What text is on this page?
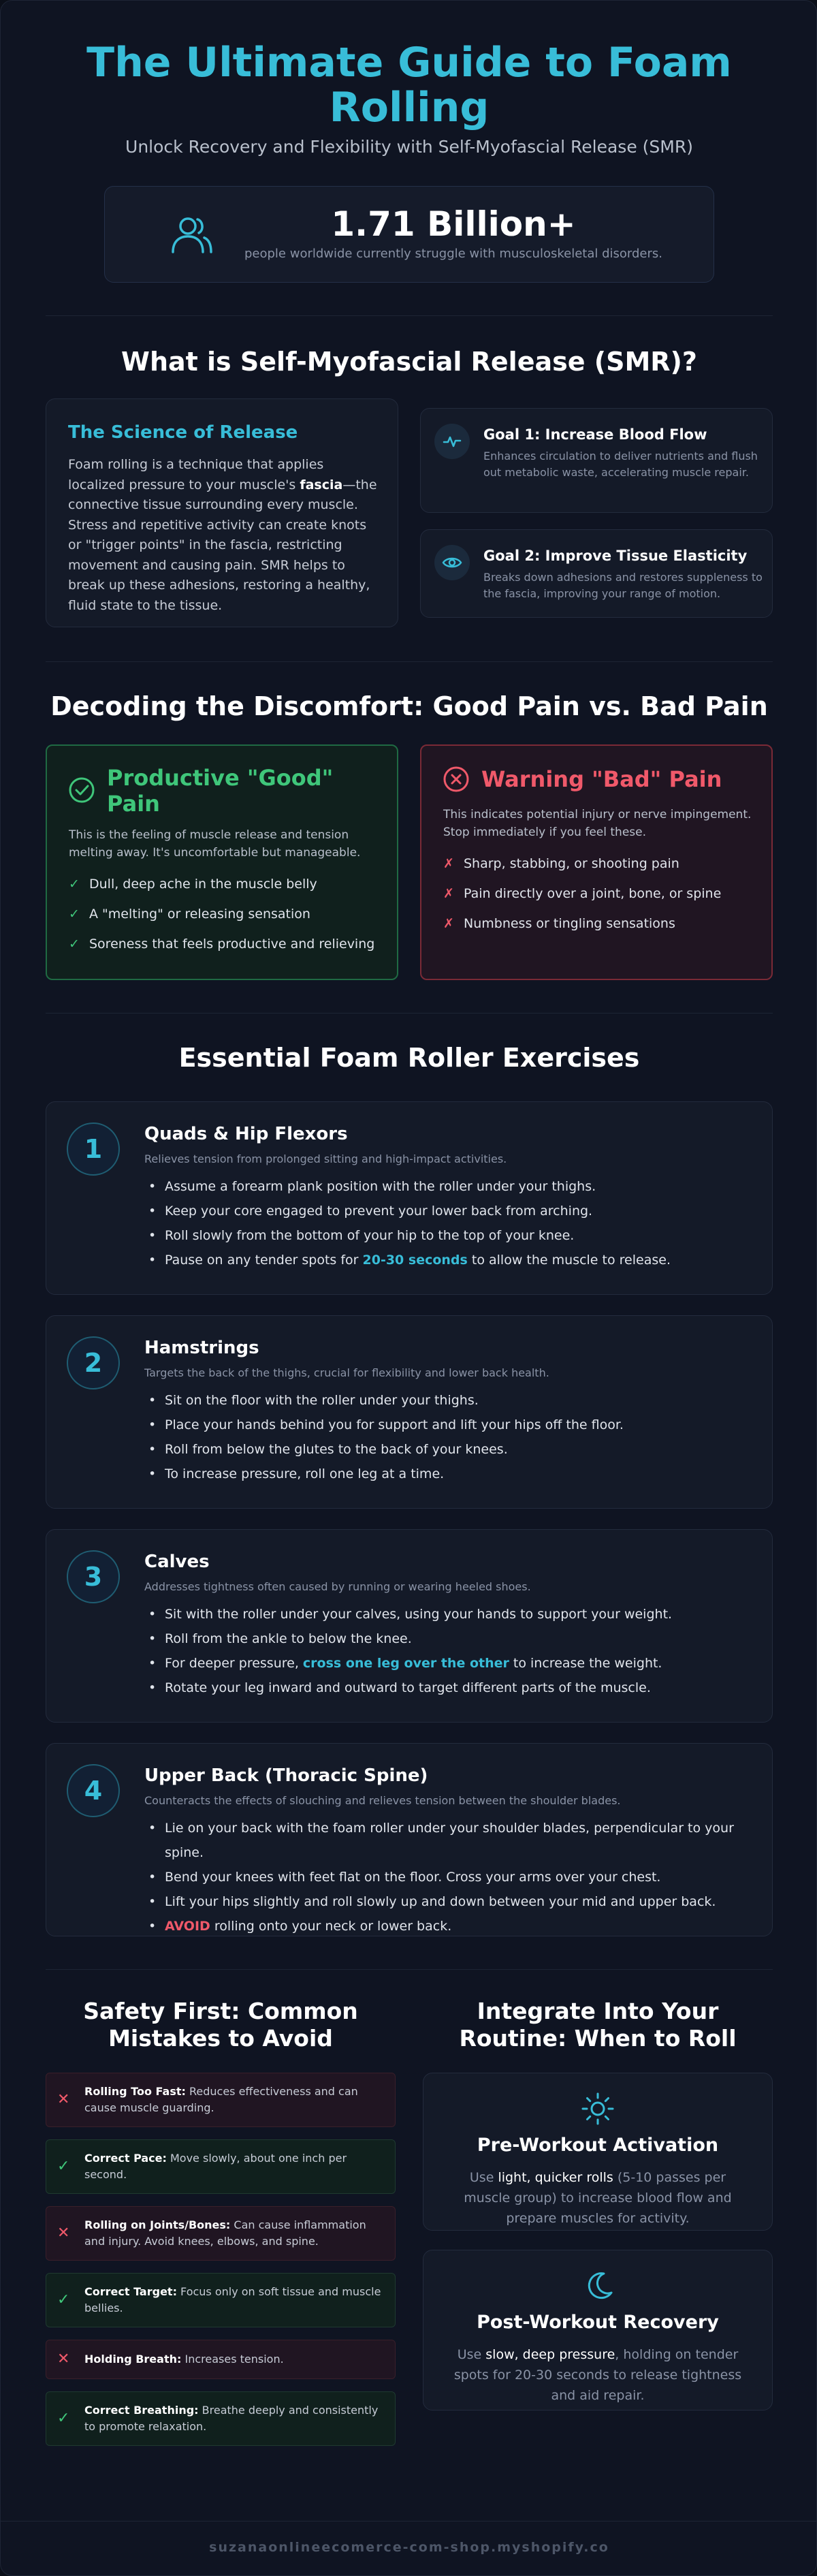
The Ultimate Guide to Foam Rolling
Unlock Recovery and Flexibility with Self-Myofascial Release (SMR)
1.71 Billion+
people worldwide currently struggle with musculoskeletal disorders.
What is Self-Myofascial Release (SMR)?
The Science of Release
Foam rolling is a technique that applies localized pressure to your muscle's fascia—the connective tissue surrounding every muscle. Stress and repetitive activity can create knots or "trigger points" in the fascia, restricting movement and causing pain. SMR helps to break up these adhesions, restoring a healthy, fluid state to the tissue.
Goal 1: Increase Blood Flow
Enhances circulation to deliver nutrients and flush out metabolic waste, accelerating muscle repair.
Goal 2: Improve Tissue Elasticity
Breaks down adhesions and restores suppleness to the fascia, improving your range of motion.
Decoding the Discomfort: Good Pain vs. Bad Pain
Productive "Good" Pain
This is the feeling of muscle release and tension melting away. It's uncomfortable but manageable.
✓ Dull, deep ache in the muscle belly
✓ A "melting" or releasing sensation
✓ Soreness that feels productive and relieving
Warning "Bad" Pain
This indicates potential injury or nerve impingement. Stop immediately if you feel these.
✗ Sharp, stabbing, or shooting pain
✗ Pain directly over a joint, bone, or spine
✗ Numbness or tingling sensations
Essential Foam Roller Exercises
1	Quads & Hip Flexors
Relieves tension from prolonged sitting and high-impact activities.
• Assume a forearm plank position with the roller under your thighs.
• Keep your core engaged to prevent your lower back from arching.
• Roll slowly from the bottom of your hip to the top of your knee.
• Pause on any tender spots for 20-30 seconds to allow the muscle to release.
2	Hamstrings
Targets the back of the thighs, crucial for flexibility and lower back health.
• Sit on the floor with the roller under your thighs.
• Place your hands behind you for support and lift your hips off the floor.
• Roll from below the glutes to the back of your knees.
• To increase pressure, roll one leg at a time.
3	Calves
Addresses tightness often caused by running or wearing heeled shoes.
• Sit with the roller under your calves, using your hands to support your weight.
• Roll from the ankle to below the knee.
• For deeper pressure, cross one leg over the other to increase the weight.
• Rotate your leg inward and outward to target different parts of the muscle.
4	Upper Back (Thoracic Spine)
Counteracts the effects of slouching and relieves tension between the shoulder blades.
• Lie on your back with the foam roller under your shoulder blades, perpendicular to your spine.
• Bend your knees with feet flat on the floor. Cross your arms over your chest.
• Lift your hips slightly and roll slowly up and down between your mid and upper back.
• AVOID rolling onto your neck or lower back.
Safety First: Common Mistakes to Avoid
✕ Rolling Too Fast: Reduces effectiveness and can cause muscle guarding.
✓ Correct Pace: Move slowly, about one inch per second.
✕ Rolling on Joints/Bones: Can cause inflammation and injury. Avoid knees, elbows, and spine.
✓ Correct Target: Focus only on soft tissue and muscle bellies.
✕ Holding Breath: Increases tension.
✓ Correct Breathing: Breathe deeply and consistently to promote relaxation.
Integrate Into Your Routine: When to Roll
Pre-Workout Activation
Use light, quicker rolls (5-10 passes per muscle group) to increase blood flow and prepare muscles for activity.
Post-Workout Recovery
Use slow, deep pressure, holding on tender spots for 20-30 seconds to release tightness and aid repair.
suzanaonlineecomerce-com-shop.myshopify.co
